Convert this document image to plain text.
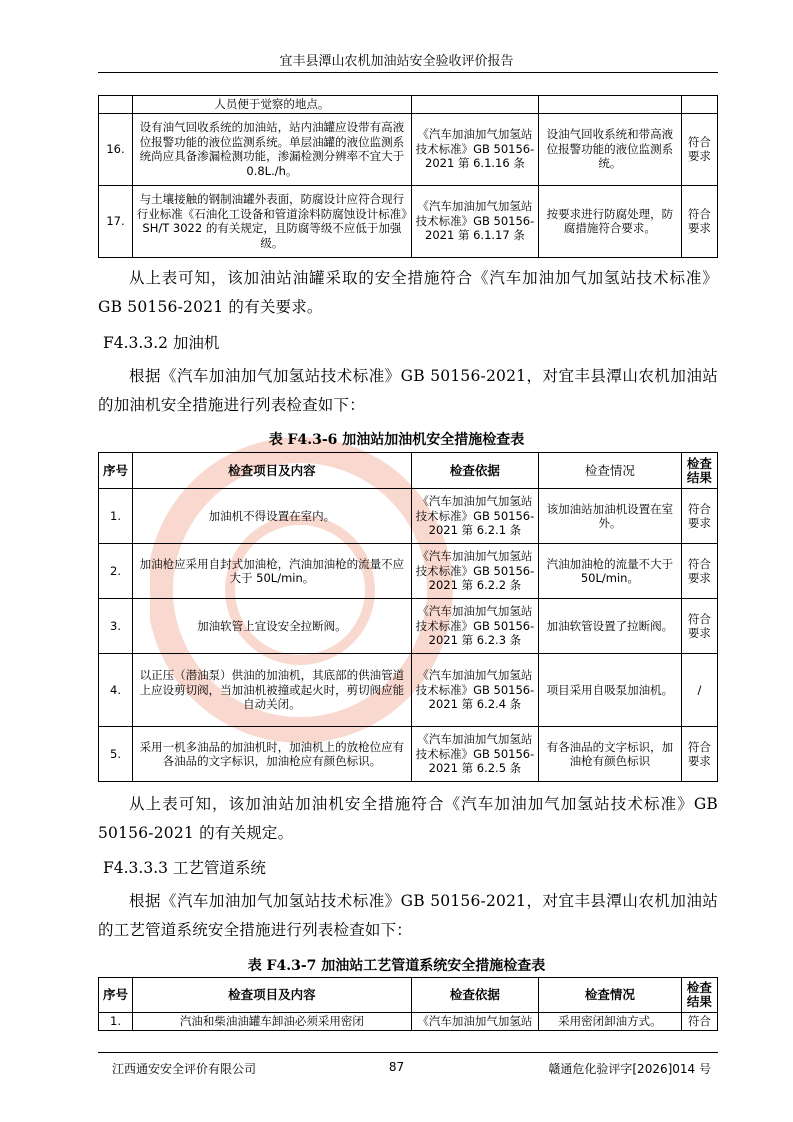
宜丰县潭山农机加油站安全验收评价报告
	人员便于觉察的地点。			
16.	设有油气回收系统的加油站，站内油罐应设带有高液位报警功能的液位监测系统。单层油罐的液位监测系统尚应具备渗漏检测功能，渗漏检测分辨率不宜大于 0.8L./h。	《汽车加油加气加氢站技术标准》GB 50156-2021 第 6.1.16 条	设油气回收系统和带高液位报警功能的液位监测系统。	符合要求
17.	与土壤接触的钢制油罐外表面，防腐设计应符合现行行业标准《石油化工设备和管道涂料防腐蚀设计标准》SH/T 3022 的有关规定，且防腐等级不应低于加强级。	《汽车加油加气加氢站技术标准》GB 50156-2021 第 6.1.17 条	按要求进行防腐处理，防腐措施符合要求。	符合要求

从上表可知，该加油站油罐采取的安全措施符合《汽车加油加气加氢站技术标准》GB 50156-2021 的有关要求。

F4.3.3.2 加油机

根据《汽车加油加气加氢站技术标准》GB 50156-2021，对宜丰县潭山农机加油站的加油机安全措施进行列表检查如下：

表 F4.3-6 加油站加油机安全措施检查表

序号	检查项目及内容	检查依据	检查情况	检查结果
1.	加油机不得设置在室内。	《汽车加油加气加氢站技术标准》GB 50156-2021 第 6.2.1 条	该加油站加油机设置在室外。	符合要求
2.	加油枪应采用自封式加油枪，汽油加油枪的流量不应大于 50L/min。	《汽车加油加气加氢站技术标准》GB 50156-2021 第 6.2.2 条	汽油加油枪的流量不大于 50L/min。	符合要求
3.	加油软管上宜设安全拉断阀。	《汽车加油加气加氢站技术标准》GB 50156-2021 第 6.2.3 条	加油软管设置了拉断阀。	符合要求
4.	以正压（潜油泵）供油的加油机，其底部的供油管道上应设剪切阀，当加油机被撞或起火时，剪切阀应能自动关闭。	《汽车加油加气加氢站技术标准》GB 50156-2021 第 6.2.4 条	项目采用自吸泵加油机。	/
5.	采用一机多油品的加油机时，加油机上的放枪位应有各油品的文字标识，加油枪应有颜色标识。	《汽车加油加气加氢站技术标准》GB 50156-2021 第 6.2.5 条	有各油品的文字标识，加油枪有颜色标识	符合要求

从上表可知，该加油站加油机安全措施符合《汽车加油加气加氢站技术标准》GB 50156-2021 的有关规定。

F4.3.3.3 工艺管道系统

根据《汽车加油加气加氢站技术标准》GB 50156-2021，对宜丰县潭山农机加油站的工艺管道系统安全措施进行列表检查如下：

表 F4.3-7 加油站工艺管道系统安全措施检查表

序号	检查项目及内容	检查依据	检查情况	检查结果
1.	汽油和柴油油罐车卸油必须采用密闭	《汽车加油加气加氢站	采用密闭卸油方式。	符合
江西通安安全评价有限公司	87	赣通危化验评字[2026]014 号
